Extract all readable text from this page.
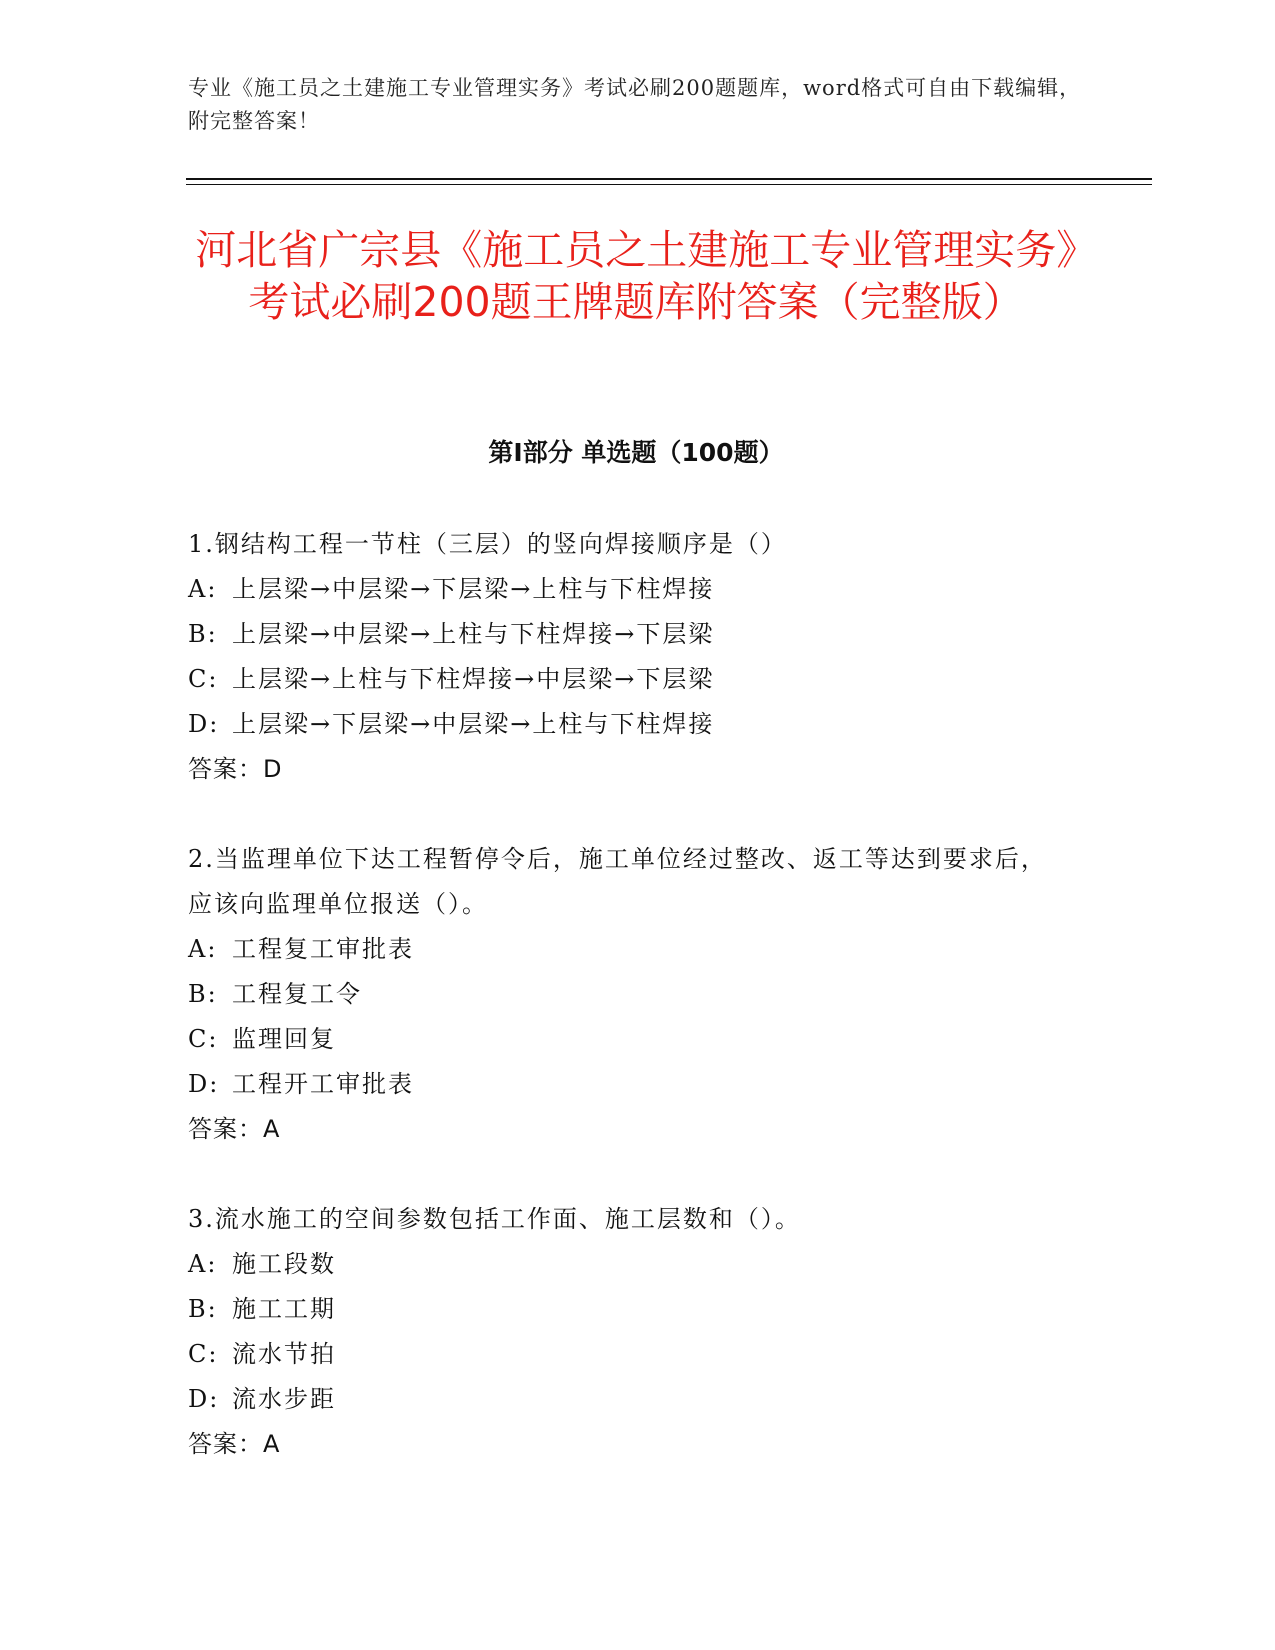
专业《施工员之土建施工专业管理实务》考试必刷200题题库，word格式可自由下载编辑，附完整答案！
河北省广宗县《施工员之土建施工专业管理实务》考试必刷200题王牌题库附答案（完整版）
第I部分 单选题（100题）

1.钢结构工程一节柱（三层）的竖向焊接顺序是（）

A: 上层梁→中层梁→下层梁→上柱与下柱焊接

B: 上层梁→中层梁→上柱与下柱焊接→下层梁

C: 上层梁→上柱与下柱焊接→中层梁→下层梁

D: 上层梁→下层梁→中层梁→上柱与下柱焊接

答案：D

2.当监理单位下达工程暂停令后，施工单位经过整改、返工等达到要求后，应该向监理单位报送（）。

A: 工程复工审批表

B: 工程复工令

C: 监理回复

D: 工程开工审批表

答案：A

3.流水施工的空间参数包括工作面、施工层数和（）。

A: 施工段数

B: 施工工期

C: 流水节拍

D: 流水步距

答案：A
